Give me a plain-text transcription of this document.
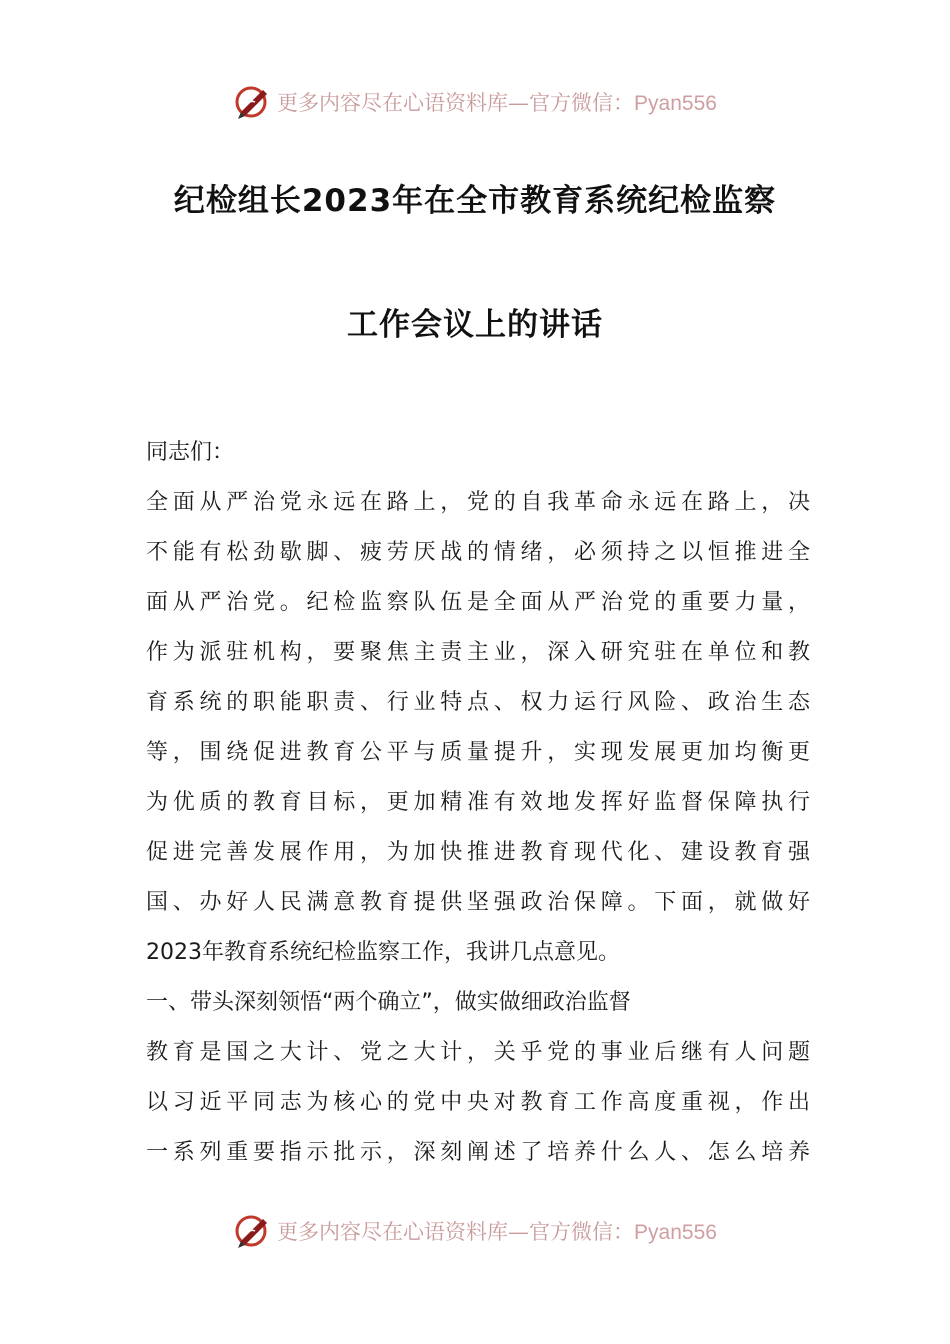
更多内容尽在心语资料库—官方微信：Pyan556
纪检组长2023年在全市教育系统纪检监察
工作会议上的讲话
同志们：
全面从严治党永远在路上，党的自我革命永远在路上，决
不能有松劲歇脚、疲劳厌战的情绪，必须持之以恒推进全
面从严治党。纪检监察队伍是全面从严治党的重要力量，
作为派驻机构，要聚焦主责主业，深入研究驻在单位和教
育系统的职能职责、行业特点、权力运行风险、政治生态
等，围绕促进教育公平与质量提升，实现发展更加均衡更
为优质的教育目标，更加精准有效地发挥好监督保障执行
促进完善发展作用，为加快推进教育现代化、建设教育强
国、办好人民满意教育提供坚强政治保障。下面，就做好
2023年教育系统纪检监察工作，我讲几点意见。
一、带头深刻领悟“两个确立”，做实做细政治监督
教育是国之大计、党之大计，关乎党的事业后继有人问题
以习近平同志为核心的党中央对教育工作高度重视，作出
一系列重要指示批示，深刻阐述了培养什么人、怎么培养
更多内容尽在心语资料库—官方微信：Pyan556
